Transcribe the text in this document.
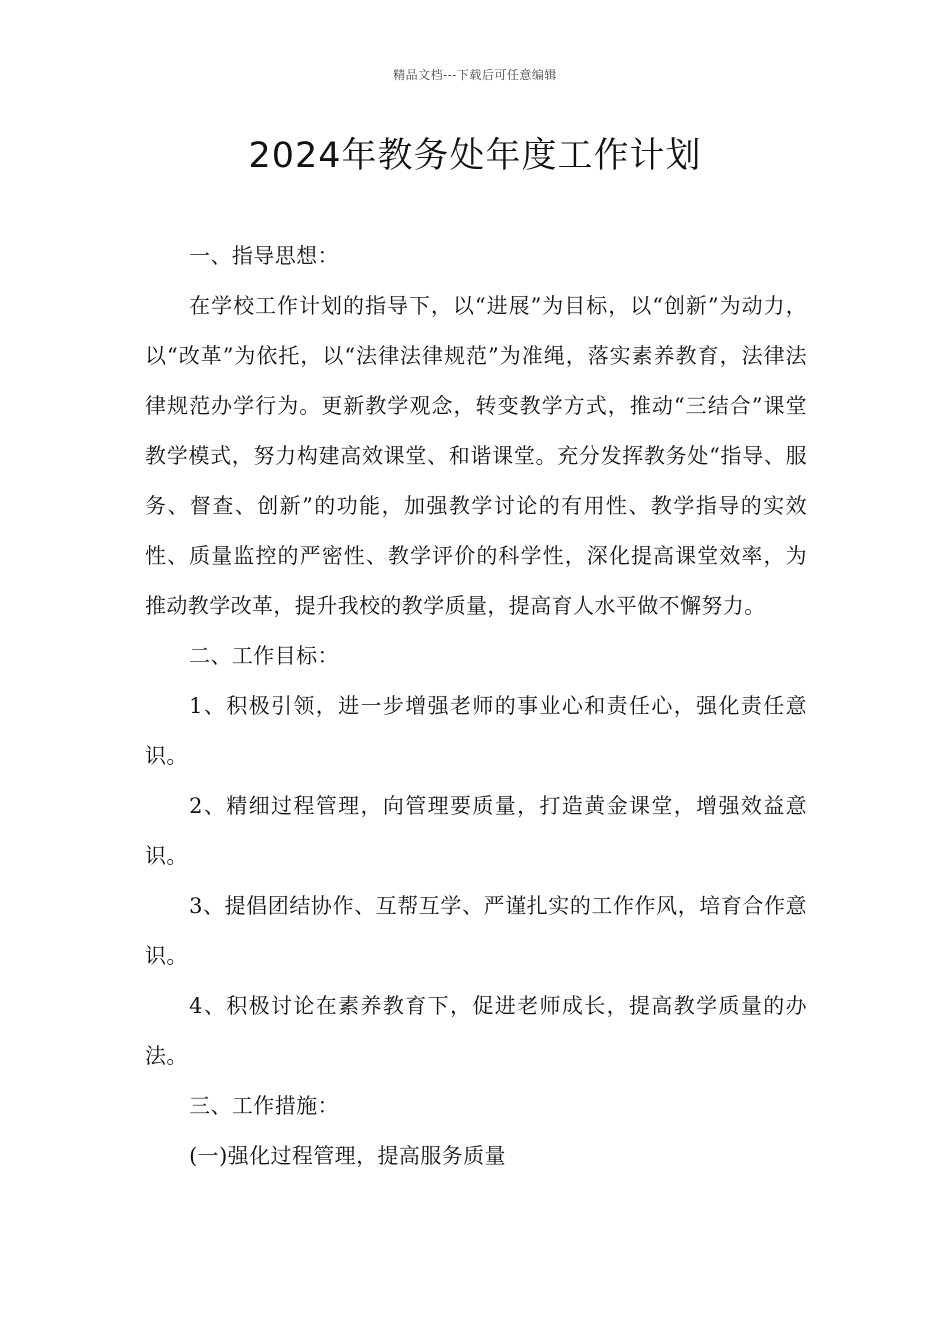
精品文档---下载后可任意编辑
2024年教务处年度工作计划

一、指导思想：

在学校工作计划的指导下，以“进展”为目标，以“创新”为动力，以“改革”为依托，以“法律法律规范”为准绳，落实素养教育，法律法律规范办学行为。更新教学观念，转变教学方式，推动“三结合”课堂教学模式，努力构建高效课堂、和谐课堂。充分发挥教务处“指导、服务、督查、创新”的功能，加强教学讨论的有用性、教学指导的实效性、质量监控的严密性、教学评价的科学性，深化提高课堂效率，为推动教学改革，提升我校的教学质量，提高育人水平做不懈努力。

二、工作目标：

1、积极引领，进一步增强老师的事业心和责任心，强化责任意识。

2、精细过程管理，向管理要质量，打造黄金课堂，增强效益意识。

3、提倡团结协作、互帮互学、严谨扎实的工作作风，培育合作意识。

4、积极讨论在素养教育下，促进老师成长，提高教学质量的办法。

三、工作措施：

(一)强化过程管理，提高服务质量
